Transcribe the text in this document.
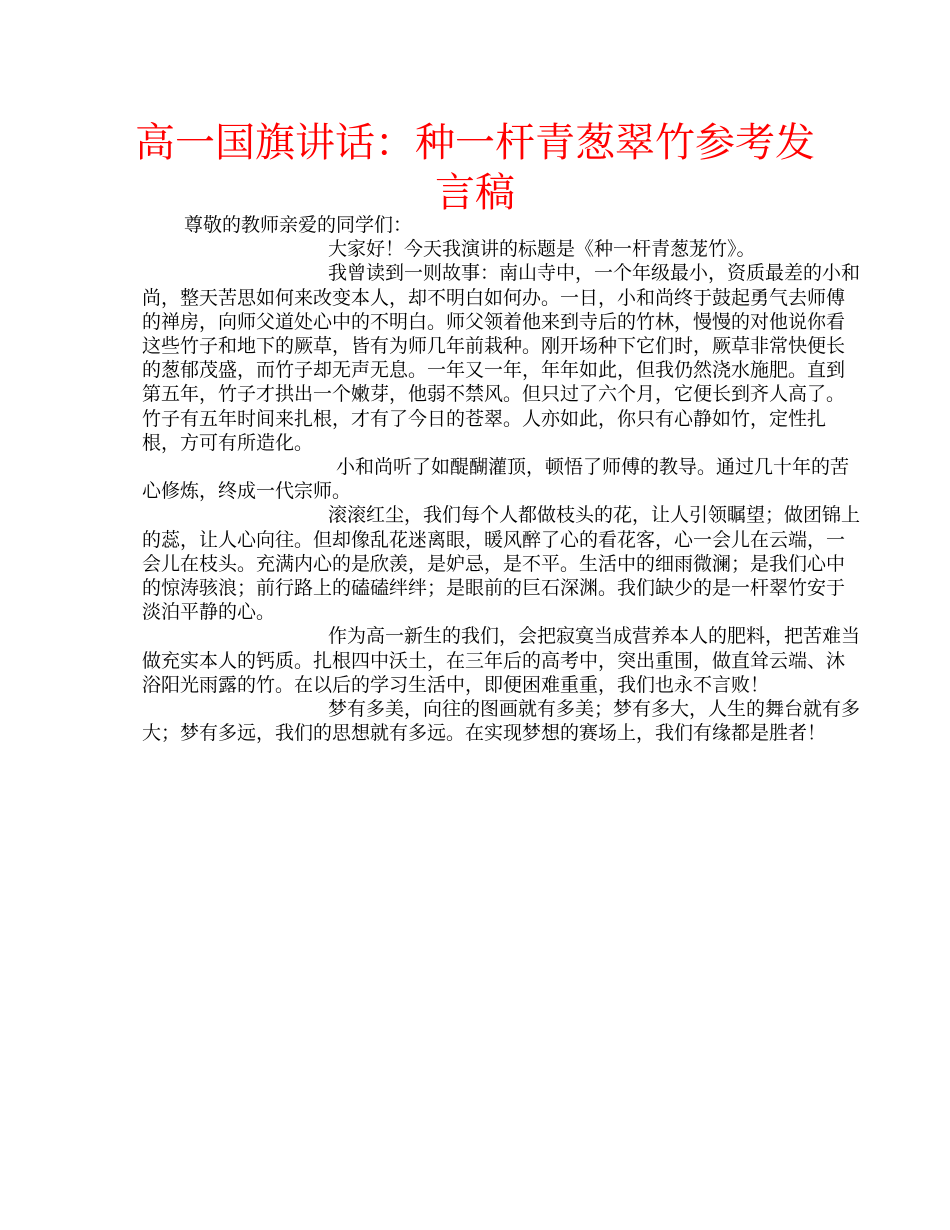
高一国旗讲话：种一杆青葱翠竹参考发言稿

尊敬的教师亲爱的同学们：

大家好！今天我演讲的标题是《种一杆青葱茏竹》。

我曾读到一则故事：南山寺中，一个年级最小，资质最差的小和尚，整天苦思如何来改变本人，却不明白如何办。一日，小和尚终于鼓起勇气去师傅的禅房，向师父道处心中的不明白。师父领着他来到寺后的竹林，慢慢的对他说你看这些竹子和地下的厥草，皆有为师几年前栽种。刚开场种下它们时，厥草非常快便长的葱郁茂盛，而竹子却无声无息。一年又一年，年年如此，但我仍然浇水施肥。直到第五年，竹子才拱出一个嫩芽，他弱不禁风。但只过了六个月，它便长到齐人高了。竹子有五年时间来扎根，才有了今日的苍翠。人亦如此，你只有心静如竹，定性扎根，方可有所造化。

小和尚听了如醍醐灌顶，顿悟了师傅的教导。通过几十年的苦心修炼，终成一代宗师。

滚滚红尘，我们每个人都做枝头的花，让人引领瞩望；做团锦上的蕊，让人心向往。但却像乱花迷离眼，暖风醉了心的看花客，心一会儿在云端，一会儿在枝头。充满内心的是欣羡，是妒忌，是不平。生活中的细雨微澜；是我们心中的惊涛骇浪；前行路上的磕磕绊绊；是眼前的巨石深渊。我们缺少的是一杆翠竹安于淡泊平静的心。

作为高一新生的我们，会把寂寞当成营养本人的肥料，把苦难当做充实本人的钙质。扎根四中沃土，在三年后的高考中，突出重围，做直耸云端、沐浴阳光雨露的竹。在以后的学习生活中，即便困难重重，我们也永不言败！

梦有多美，向往的图画就有多美；梦有多大，人生的舞台就有多大；梦有多远，我们的思想就有多远。在实现梦想的赛场上，我们有缘都是胜者！
